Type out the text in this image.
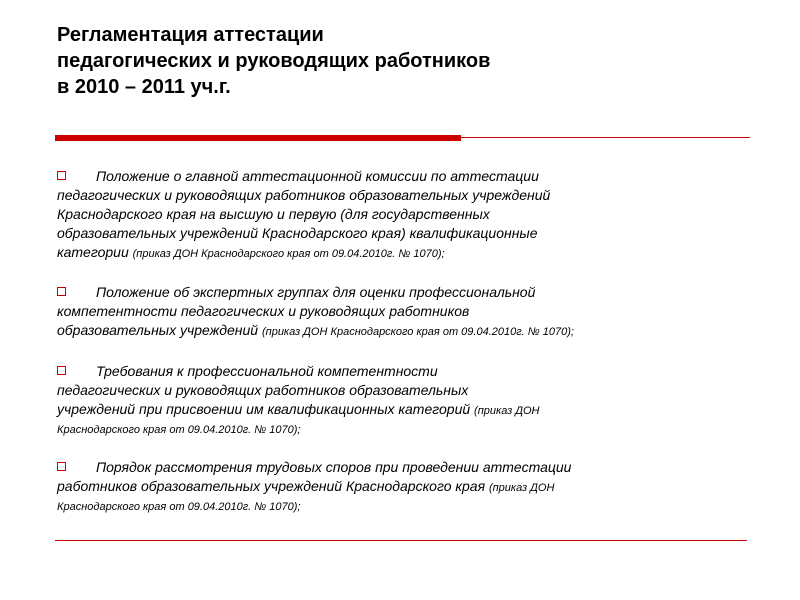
Регламентация аттестации
педагогических и руководящих работников
в 2010 – 2011 уч.г.
Положение о главной аттестационной комиссии по аттестации
педагогических и руководящих работников образовательных учреждений
Краснодарского края на высшую и первую (для государственных
образовательных учреждений Краснодарского края) квалификационные
категории (приказ ДОН Краснодарского края от 09.04.2010г. № 1070);
Положение об экспертных группах для оценки профессиональной
компетентности педагогических и руководящих работников
образовательных учреждений (приказ ДОН Краснодарского края от 09.04.2010г. № 1070);
Требования к профессиональной компетентности
педагогических и руководящих работников образовательных
учреждений при присвоении им квалификационных категорий (приказ ДОН
Краснодарского края от 09.04.2010г. № 1070);
Порядок рассмотрения трудовых споров при проведении аттестации
работников образовательных учреждений Краснодарского края (приказ ДОН
Краснодарского края от 09.04.2010г. № 1070);
